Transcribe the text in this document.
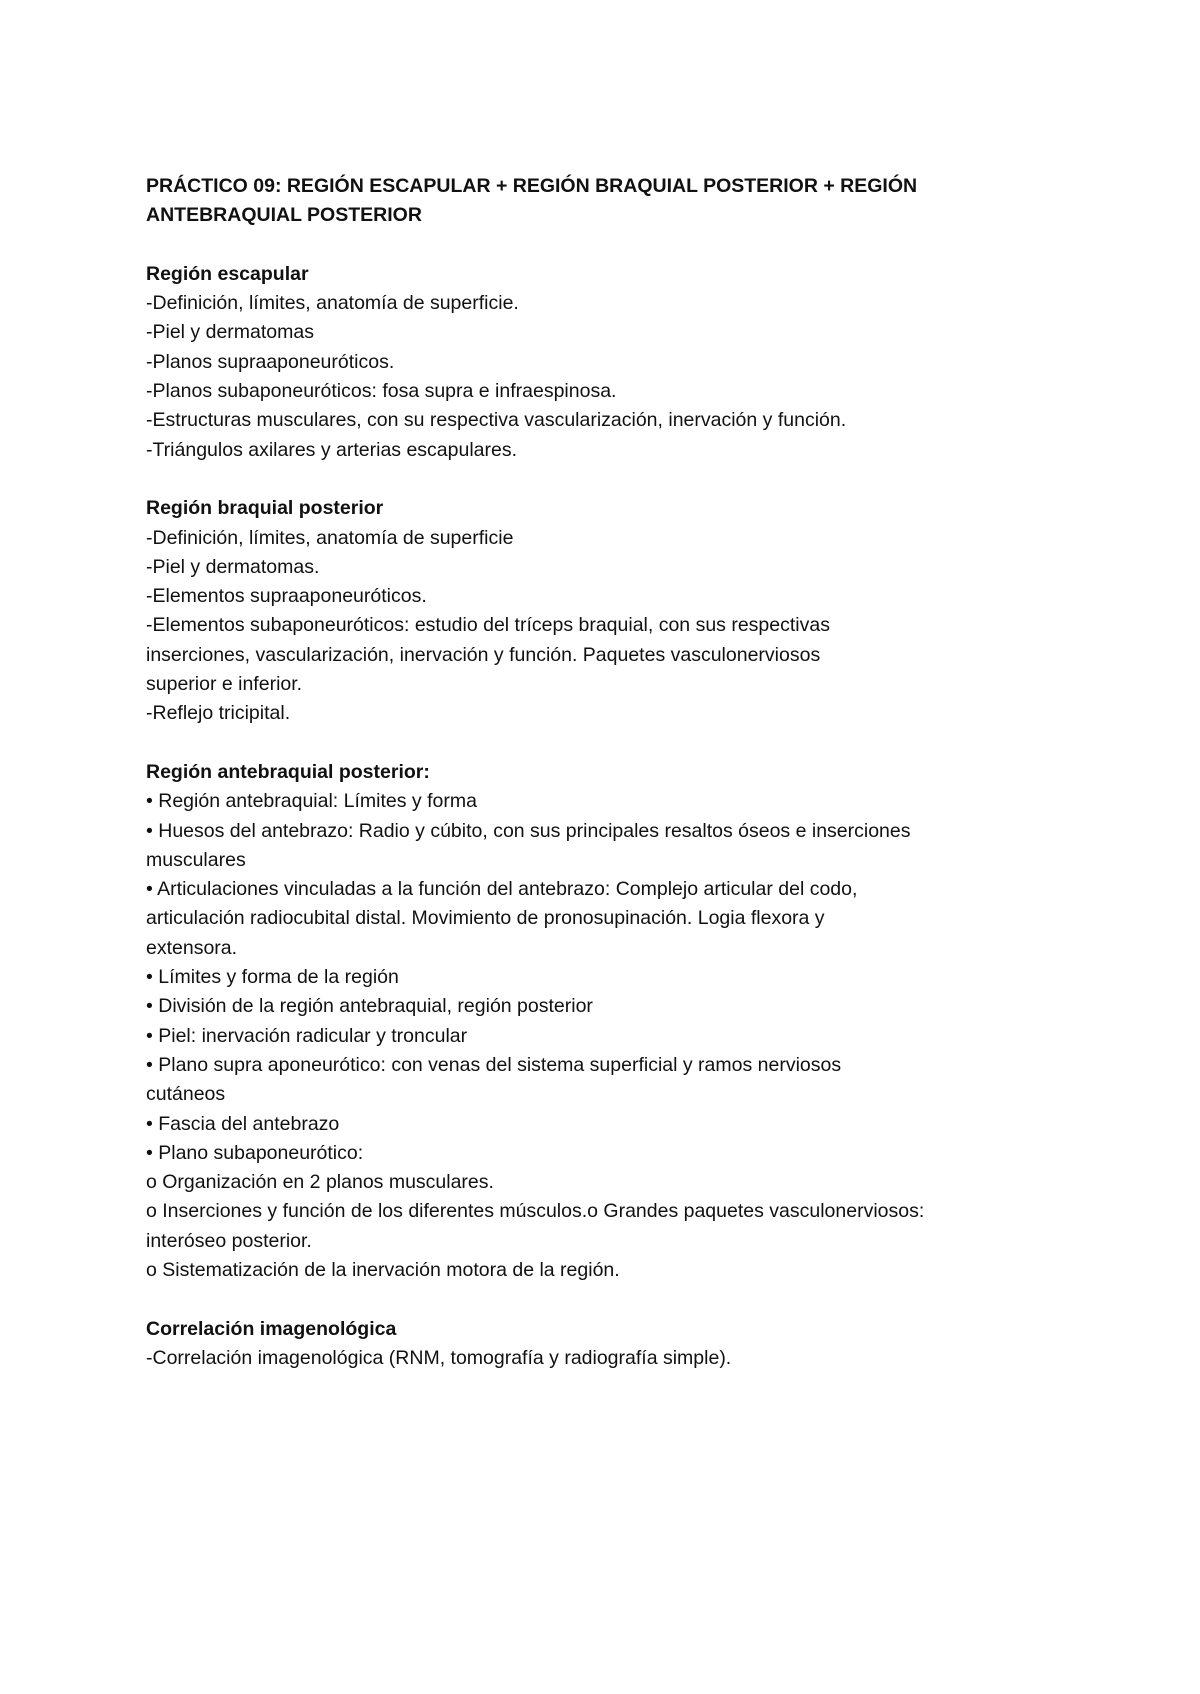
PRÁCTICO 09: REGIÓN ESCAPULAR + REGIÓN BRAQUIAL POSTERIOR + REGIÓN
ANTEBRAQUIAL POSTERIOR
Región escapular
-Definición, límites, anatomía de superficie.
-Piel y dermatomas
-Planos supraaponeuróticos.
-Planos subaponeuróticos: fosa supra e infraespinosa.
-Estructuras musculares, con su respectiva vascularización, inervación y función.
-Triángulos axilares y arterias escapulares.
Región braquial posterior
-Definición, límites, anatomía de superficie
-Piel y dermatomas.
-Elementos supraaponeuróticos.
-Elementos subaponeuróticos: estudio del tríceps braquial, con sus respectivas
inserciones, vascularización, inervación y función. Paquetes vasculonerviosos
superior e inferior.
-Reflejo tricipital.
Región antebraquial posterior:
• Región antebraquial: Límites y forma
• Huesos del antebrazo: Radio y cúbito, con sus principales resaltos óseos e inserciones
musculares
• Articulaciones vinculadas a la función del antebrazo: Complejo articular del codo,
articulación radiocubital distal. Movimiento de pronosupinación. Logia flexora y
extensora.
• Límites y forma de la región
• División de la región antebraquial, región posterior
• Piel: inervación radicular y troncular
• Plano supra aponeurótico: con venas del sistema superficial y ramos nerviosos
cutáneos
• Fascia del antebrazo
• Plano subaponeurótico:
o Organización en 2 planos musculares.
o Inserciones y función de los diferentes músculos.o Grandes paquetes vasculonerviosos:
interóseo posterior.
o Sistematización de la inervación motora de la región.
Correlación imagenológica
-Correlación imagenológica (RNM, tomografía y radiografía simple).
